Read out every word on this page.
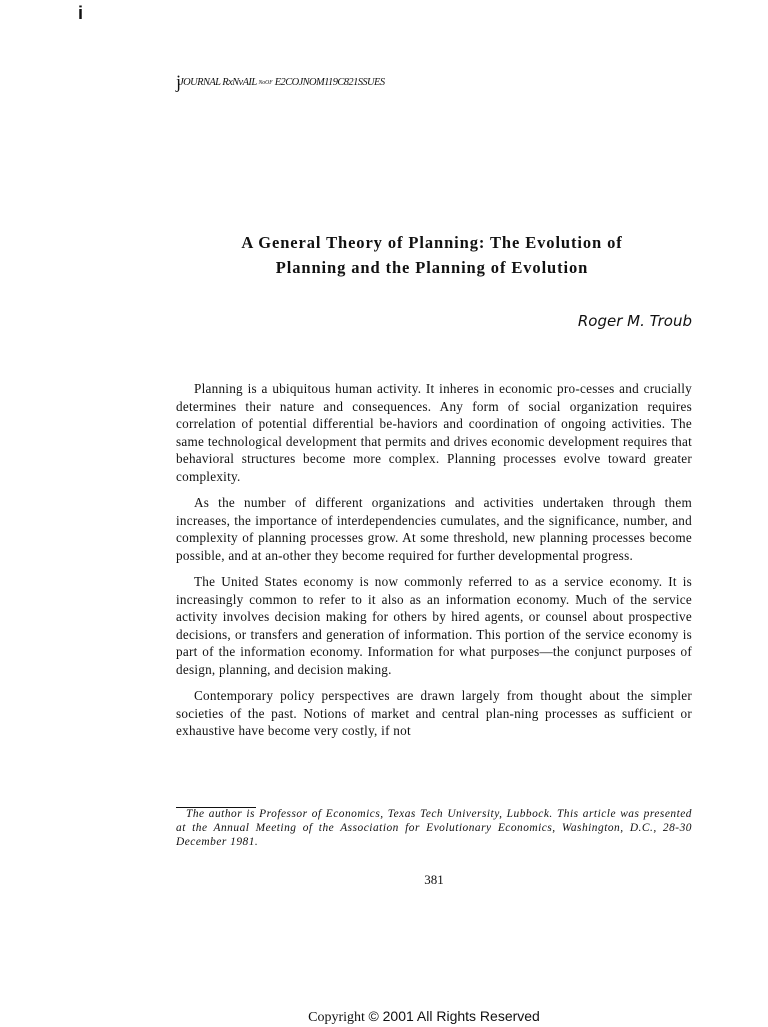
i
jJOURNAL RxNvAIL NoOF E2COJNOM119C821SSUES
A General Theory of Planning: The Evolution of
Planning and the Planning of Evolution
Roger M. Troub

Planning is a ubiquitous human activity. It inheres in economic pro-cesses and crucially determines their nature and consequences. Any form of social organization requires correlation of potential differential be-haviors and coordination of ongoing activities. The same technological development that permits and drives economic development requires that behavioral structures become more complex. Planning processes evolve toward greater complexity.

As the number of different organizations and activities undertaken through them increases, the importance of interdependencies cumulates, and the significance, number, and complexity of planning processes grow. At some threshold, new planning processes become possible, and at an-other they become required for further developmental progress.

The United States economy is now commonly referred to as a service economy. It is increasingly common to refer to it also as an information economy. Much of the service activity involves decision making for others by hired agents, or counsel about prospective decisions, or transfers and generation of information. This portion of the service economy is part of the information economy. Information for what purposes—the conjunct purposes of design, planning, and decision making.

Contemporary policy perspectives are drawn largely from thought about the simpler societies of the past. Notions of market and central plan-ning processes as sufficient or exhaustive have become very costly, if not

The author is Professor of Economics, Texas Tech University, Lubbock. This article was presented at the Annual Meeting of the Association for Evolutionary Economics, Washington, D.C., 28-30 December 1981.

381
Copyright © 2001 All Rights Reserved
